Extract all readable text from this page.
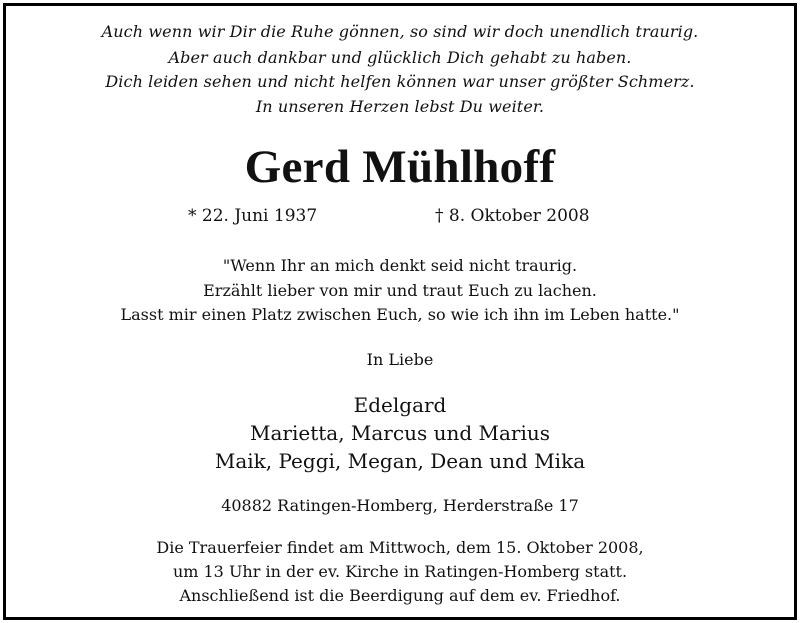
Auch wenn wir Dir die Ruhe gönnen, so sind wir doch unendlich traurig.
Aber auch dankbar und glücklich Dich gehabt zu haben.
Dich leiden sehen und nicht helfen können war unser größter Schmerz.
In unseren Herzen lebst Du weiter.
Gerd Mühlhoff
* 22. Juni 1937	† 8. Oktober 2008
"Wenn Ihr an mich denkt seid nicht traurig.
Erzählt lieber von mir und traut Euch zu lachen.
Lasst mir einen Platz zwischen Euch, so wie ich ihn im Leben hatte."
In Liebe
Edelgard
Marietta, Marcus und Marius
Maik, Peggi, Megan, Dean und Mika
40882 Ratingen-Homberg, Herderstraße 17
Die Trauerfeier findet am Mittwoch, dem 15. Oktober 2008,
um 13 Uhr in der ev. Kirche in Ratingen-Homberg statt.
Anschließend ist die Beerdigung auf dem ev. Friedhof.
